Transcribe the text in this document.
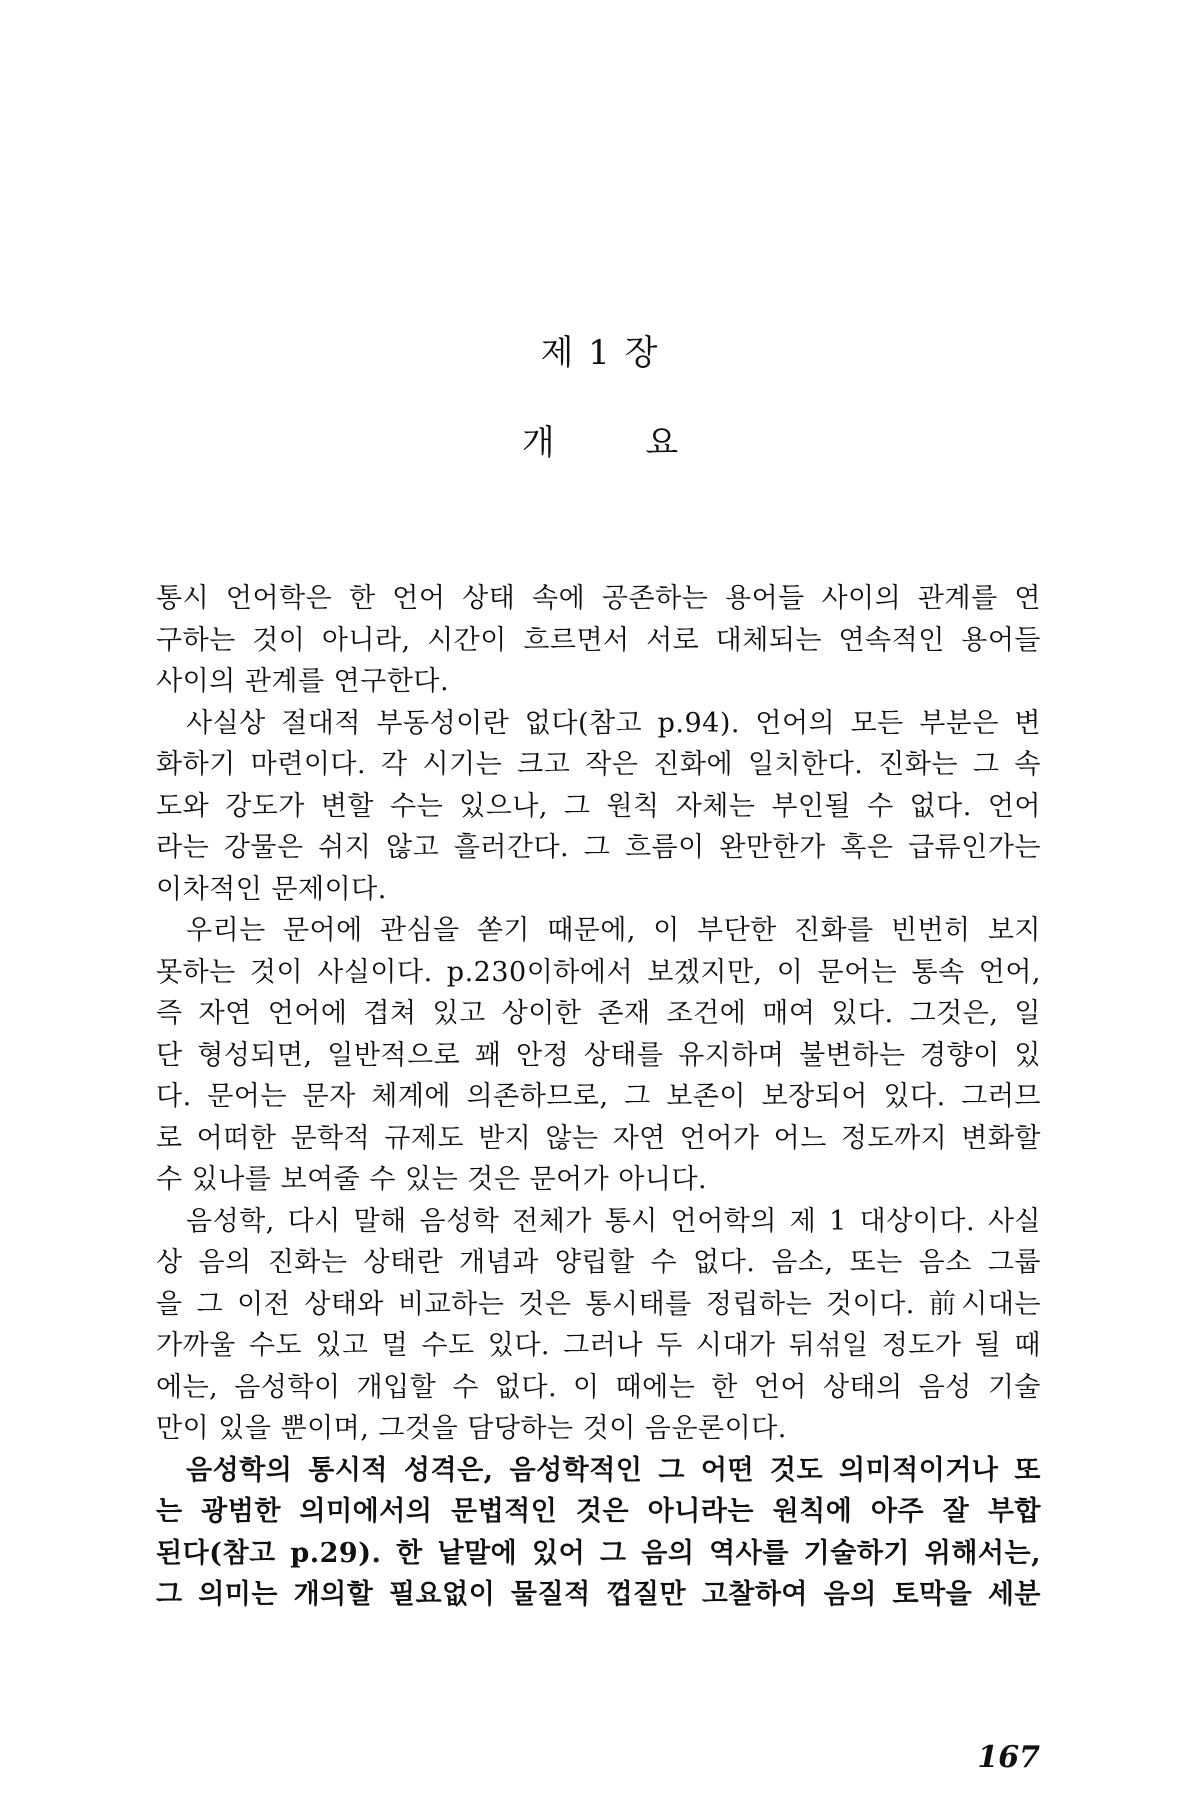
제 1 장
개 요
통시 언어학은 한 언어 상태 속에 공존하는 용어들 사이의 관계를 연
구하는 것이 아니라, 시간이 흐르면서 서로 대체되는 연속적인 용어들
사이의 관계를 연구한다.
사실상 절대적 부동성이란 없다(참고 p.94). 언어의 모든 부분은 변
화하기 마련이다. 각 시기는 크고 작은 진화에 일치한다. 진화는 그 속
도와 강도가 변할 수는 있으나, 그 원칙 자체는 부인될 수 없다. 언어
라는 강물은 쉬지 않고 흘러간다. 그 흐름이 완만한가 혹은 급류인가는
이차적인 문제이다.
우리는 문어에 관심을 쏟기 때문에, 이 부단한 진화를 빈번히 보지
못하는 것이 사실이다. p.230이하에서 보겠지만, 이 문어는 통속 언어,
즉 자연 언어에 겹쳐 있고 상이한 존재 조건에 매여 있다. 그것은, 일
단 형성되면, 일반적으로 꽤 안정 상태를 유지하며 불변하는 경향이 있
다. 문어는 문자 체계에 의존하므로, 그 보존이 보장되어 있다. 그러므
로 어떠한 문학적 규제도 받지 않는 자연 언어가 어느 정도까지 변화할
수 있나를 보여줄 수 있는 것은 문어가 아니다.
음성학, 다시 말해 음성학 전체가 통시 언어학의 제 1 대상이다. 사실
상 음의 진화는 상태란 개념과 양립할 수 없다. 음소, 또는 음소 그룹
을 그 이전 상태와 비교하는 것은 통시태를 정립하는 것이다. 前시대는
가까울 수도 있고 멀 수도 있다. 그러나 두 시대가 뒤섞일 정도가 될 때
에는, 음성학이 개입할 수 없다. 이 때에는 한 언어 상태의 음성 기술
만이 있을 뿐이며, 그것을 담당하는 것이 음운론이다.
음성학의 통시적 성격은, 음성학적인 그 어떤 것도 의미적이거나 또
는 광범한 의미에서의 문법적인 것은 아니라는 원칙에 아주 잘 부합
된다(참고 p.29). 한 낱말에 있어 그 음의 역사를 기술하기 위해서는,
그 의미는 개의할 필요없이 물질적 껍질만 고찰하여 음의 토막을 세분
167
